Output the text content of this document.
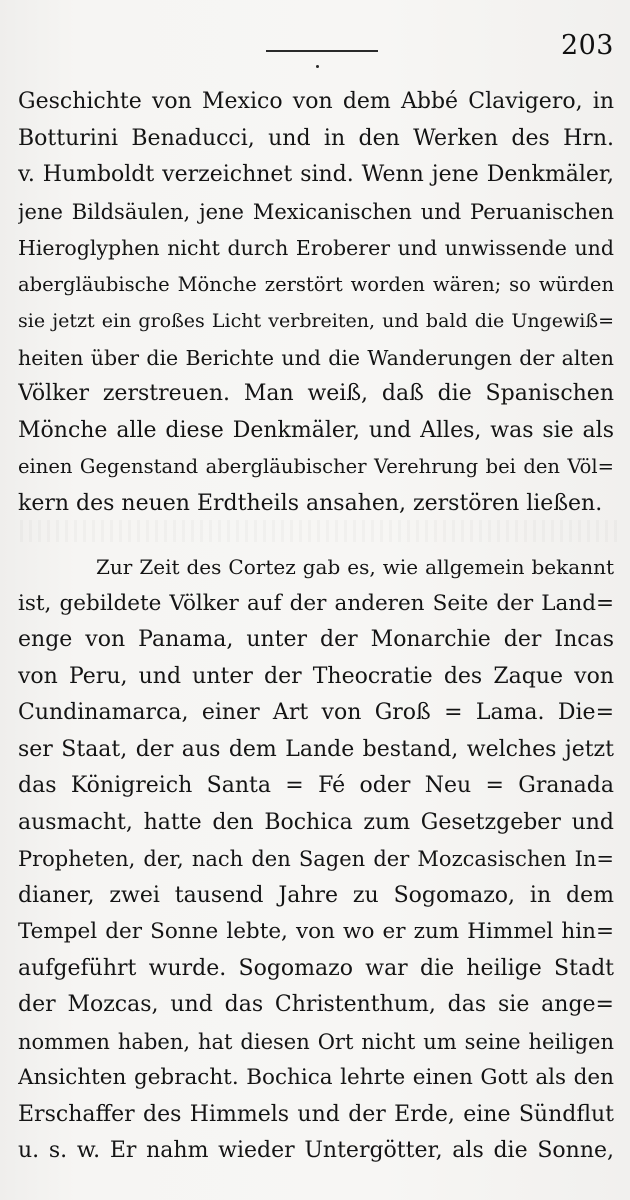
203
Geschichte von Mexico von dem Abbé Clavigero, in
Botturini Benaducci, und in den Werken des Hrn.
v. Humboldt verzeichnet sind. Wenn jene Denkmäler,
jene Bildsäulen, jene Mexicanischen und Peruanischen
Hieroglyphen nicht durch Eroberer und unwissende und
abergläubische Mönche zerstört worden wären; so würden
sie jetzt ein großes Licht verbreiten, und bald die Ungewiß=
heiten über die Berichte und die Wanderungen der alten
Völker zerstreuen. Man weiß, daß die Spanischen
Mönche alle diese Denkmäler, und Alles, was sie als
einen Gegenstand abergläubischer Verehrung bei den Völ=
kern des neuen Erdtheils ansahen, zerstören ließen.
Zur Zeit des Cortez gab es, wie allgemein bekannt
ist, gebildete Völker auf der anderen Seite der Land=
enge von Panama, unter der Monarchie der Incas
von Peru, und unter der Theocratie des Zaque von
Cundinamarca, einer Art von Groß = Lama. Die=
ser Staat, der aus dem Lande bestand, welches jetzt
das Königreich Santa = Fé oder Neu = Granada
ausmacht, hatte den Bochica zum Gesetzgeber und
Propheten, der, nach den Sagen der Mozcasischen In=
dianer, zwei tausend Jahre zu Sogomazo, in dem
Tempel der Sonne lebte, von wo er zum Himmel hin=
aufgeführt wurde. Sogomazo war die heilige Stadt
der Mozcas, und das Christenthum, das sie ange=
nommen haben, hat diesen Ort nicht um seine heiligen
Ansichten gebracht. Bochica lehrte einen Gott als den
Erschaffer des Himmels und der Erde, eine Sündflut
u. s. w. Er nahm wieder Untergötter, als die Sonne,
